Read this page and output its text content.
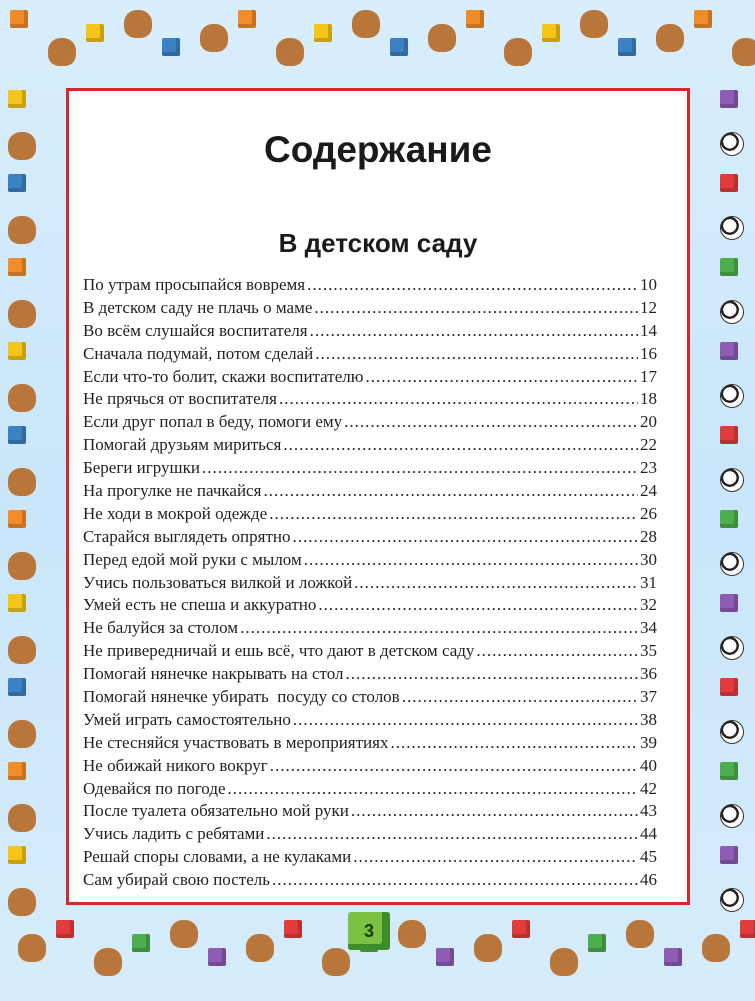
Содержание
В детском саду
По утрам просыпайся вовремя .....	10
В детском саду не плачь о маме .....	12
Во всём слушайся воспитателя .....	14
Сначала подумай, потом сделай .....	16
Если что-то болит, скажи воспитателю .....	17
Не прячься от воспитателя .....	18
Если друг попал в беду, помоги ему .....	20
Помогай друзьям мириться .....	22
Береги игрушки .....	23
На прогулке не пачкайся .....	24
Не ходи в мокрой одежде .....	26
Старайся выглядеть опрятно .....	28
Перед едой мой руки с мылом .....	30
Учись пользоваться вилкой и ложкой .....	31
Умей есть не спеша и аккуратно .....	32
Не балуйся за столом .....	34
Не привередничай и ешь всё, что дают в детском саду .....	35
Помогай нянечке накрывать на стол .....	36
Помогай нянечке убирать  посуду со столов .....	37
Умей играть самостоятельно .....	38
Не стесняйся участвовать в мероприятиях .....	39
Не обижай никого вокруг .....	40
Одевайся по погоде .....	42
После туалета обязательно мой руки .....	43
Учись ладить с ребятами .....	44
Решай споры словами, а не кулаками .....	45
Сам убирай свою постель .....	46
3
